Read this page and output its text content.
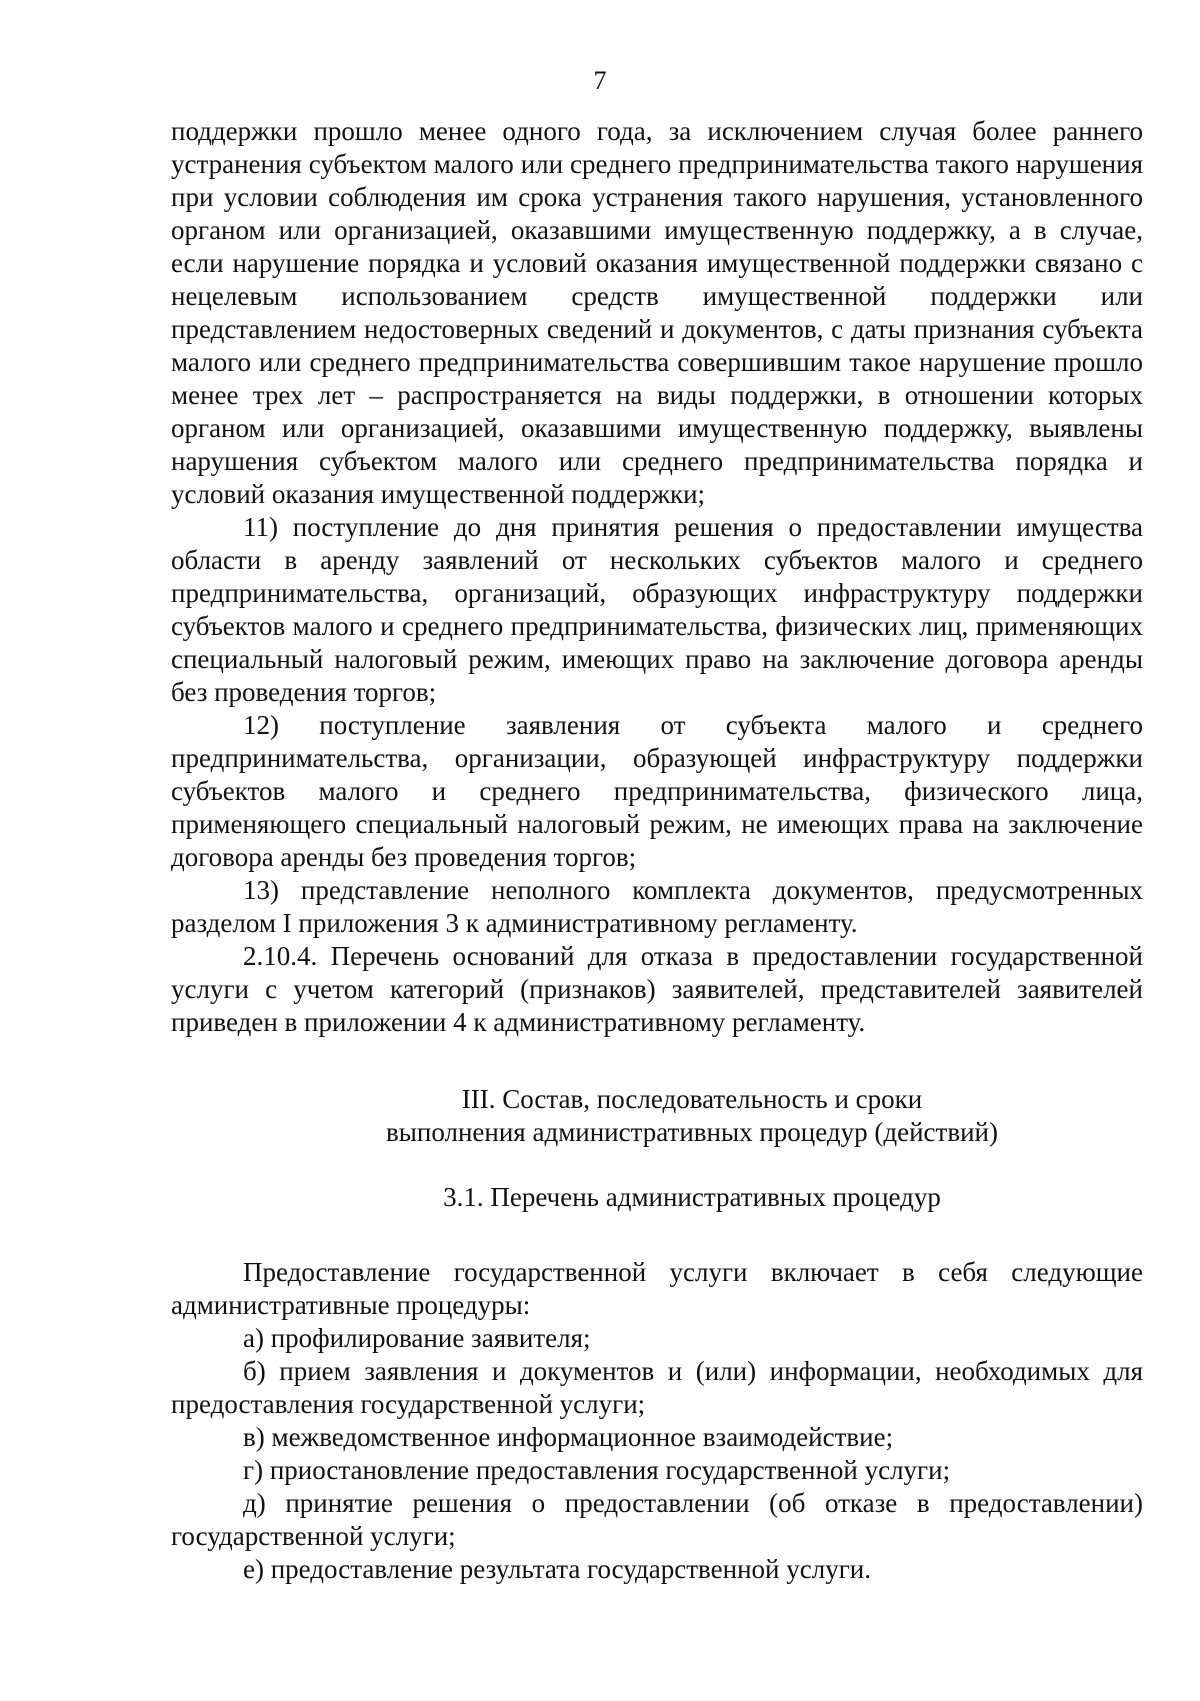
7

поддержки прошло менее одного года, за исключением случая более раннего устранения субъектом малого или среднего предпринимательства такого нарушения при условии соблюдения им срока устранения такого нарушения, установленного органом или организацией, оказавшими имущественную поддержку, а в случае, если нарушение порядка и условий оказания имущественной поддержки связано с нецелевым использованием средств имущественной поддержки или представлением недостоверных сведений и документов, с даты признания субъекта малого или среднего предпринимательства совершившим такое нарушение прошло менее трех лет – распространяется на виды поддержки, в отношении которых органом или организацией, оказавшими имущественную поддержку, выявлены нарушения субъектом малого или среднего предпринимательства порядка и условий оказания имущественной поддержки;

11) поступление до дня принятия решения о предоставлении имущества области в аренду заявлений от нескольких субъектов малого и среднего предпринимательства, организаций, образующих инфраструктуру поддержки субъектов малого и среднего предпринимательства, физических лиц, применяющих специальный налоговый режим, имеющих право на заключение договора аренды без проведения торгов;

12) поступление заявления от субъекта малого и среднего предпринимательства, организации, образующей инфраструктуру поддержки субъектов малого и среднего предпринимательства, физического лица, применяющего специальный налоговый режим, не имеющих права на заключение договора аренды без проведения торгов;

13) представление неполного комплекта документов, предусмотренных разделом I приложения 3 к административному регламенту.

2.10.4. Перечень оснований для отказа в предоставлении государственной услуги с учетом категорий (признаков) заявителей, представителей заявителей приведен в приложении 4 к административному регламенту.

III. Состав, последовательность и сроки

выполнения административных процедур (действий)

3.1. Перечень административных процедур

Предоставление государственной услуги включает в себя следующие административные процедуры:

а) профилирование заявителя;

б) прием заявления и документов и (или) информации, необходимых для предоставления государственной услуги;

в) межведомственное информационное взаимодействие;

г) приостановление предоставления государственной услуги;

д) принятие решения о предоставлении (об отказе в предоставлении) государственной услуги;

е) предоставление результата государственной услуги.
